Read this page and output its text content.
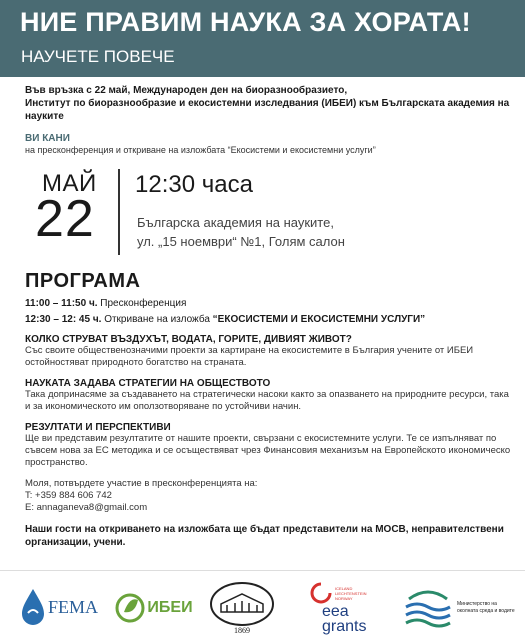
НИЕ ПРАВИМ НАУКА ЗА ХОРАТА!
НАУЧЕТЕ ПОВЕЧЕ
Във връзка с 22 май, Международен ден на биоразнообразието,
Институт по биоразнообразие и екосистемни изследвания (ИБЕИ) към Българската академия на науките
ВИ КАНИ
на пресконференция и откриване на изложбата “Екосистеми и екосистемни услуги”
МАЙ
22
12:30 часа
Българска академия на науките,
ул. „15 ноември“ №1, Голям салон
ПРОГРАМА
11:00 – 11:50 ч. Пресконференция
12:30 – 12: 45 ч. Откриване на изложба “ЕКОСИСТЕМИ И ЕКОСИСТЕМНИ УСЛУГИ”
КОЛКО СТРУВАТ ВЪЗДУХЪТ, ВОДАТА, ГОРИТЕ, ДИВИЯТ ЖИВОТ?
Със своите общественозначими проекти за картиране на екосистемите в България учените от ИБЕИ остойностяват природното богатство на страната.
НАУКАТА ЗАДАВА СТРАТЕГИИ НА ОБЩЕСТВОТО
Така допринасяме за създаването на стратегически насоки както за опазването на природните ресурси, така и за икономическото им оползотворяване по устойчиви начин.
РЕЗУЛТАТИ И ПЕРСПЕКТИВИ
Ще ви представим резултатите от нашите проекти, свързани с екосистемните услуги. Те се изпълняват по съвсем нова за ЕС методика и се осъществяват чрез Финансовия механизъм на Европейското икономическо пространство.
Моля, потвърдете участие в пресконференцията на:
T: +359 884 606 742
E: annaganeva8@gmail.com
Наши гости на откриването на изложбата ще бъдат представители на МОСВ, неправителствени организации, учени.
FEMA	ИБЕИ
1869
ICELAND LIECHTENSTEIN NORWAY
eea
grants
Министерство на
околната среда и водите
